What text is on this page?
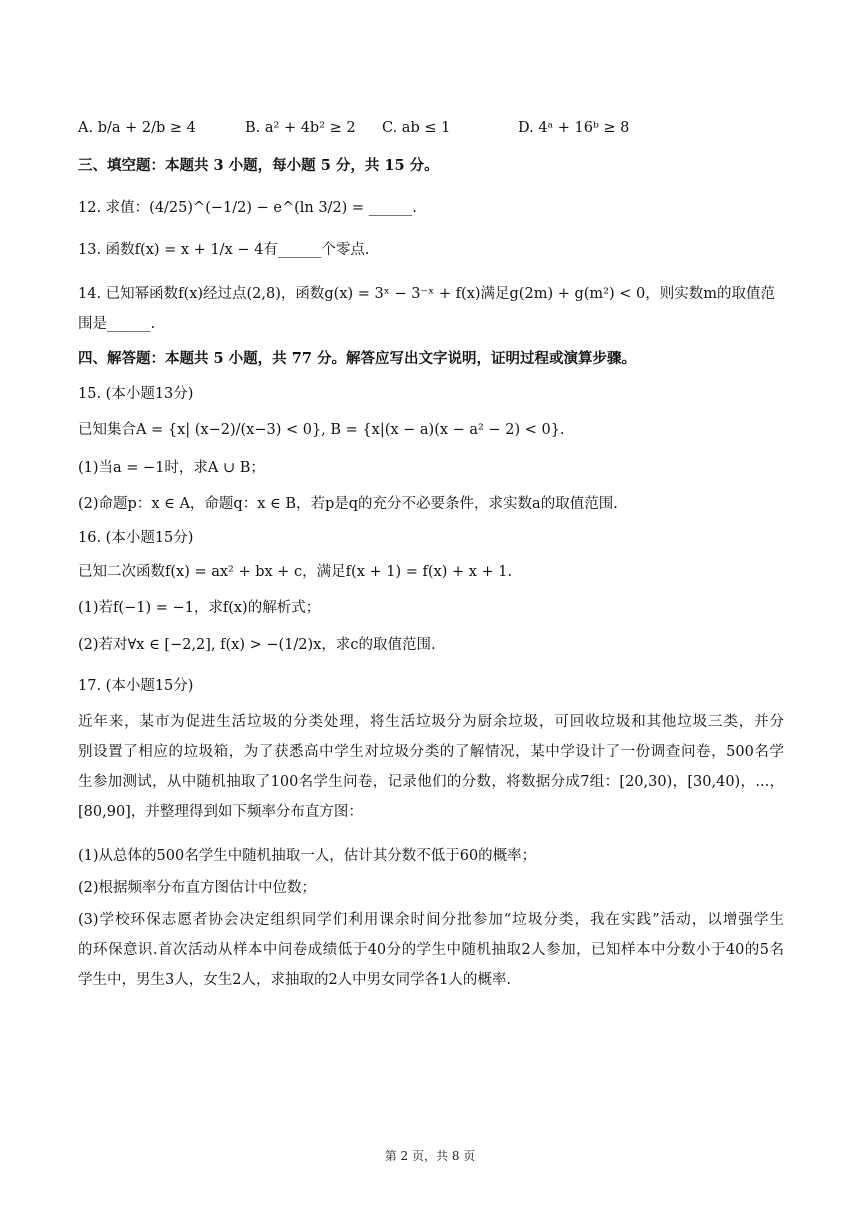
A. b/a + 2/b ≥ 4	B. a² + 4b² ≥ 2 C. ab ≤ 1	D. 4ᵃ + 16ᵇ ≥ 8
三、填空题：本题共 3 小题，每小题 5 分，共 15 分。
12. 求值：(4/25)^(−1/2) − e^(ln 3/2) = ______.
13. 函数f(x) = x + 1/x − 4有______个零点.
14. 已知幂函数f(x)经过点(2,8)，函数g(x) = 3ˣ − 3⁻ˣ + f(x)满足g(2m) + g(m²) < 0，则实数m的取值范
围是______.
四、解答题：本题共 5 小题，共 77 分。解答应写出文字说明，证明过程或演算步骤。
15. (本小题13分)
已知集合A = {x| (x−2)/(x−3) < 0}, B = {x|(x − a)(x − a² − 2) < 0}.
(1)当a = −1时，求A ∪ B；
(2)命题p：x ∈ A，命题q：x ∈ B，若p是q的充分不必要条件，求实数a的取值范围.
16. (本小题15分)
已知二次函数f(x) = ax² + bx + c，满足f(x + 1) = f(x) + x + 1.
(1)若f(−1) = −1，求f(x)的解析式；
(2)若对∀x ∈ [−2,2], f(x) > −(1/2)x，求c的取值范围.
17. (本小题15分)
近年来，某市为促进生活垃圾的分类处理，将生活垃圾分为厨余垃圾，可回收垃圾和其他垃圾三类，并分
别设置了相应的垃圾箱，为了获悉高中学生对垃圾分类的了解情况，某中学设计了一份调查问卷，500名学
生参加测试，从中随机抽取了100名学生问卷，记录他们的分数，将数据分成7组：[20,30)，[30,40)，...，
[80,90]，并整理得到如下频率分布直方图：
(1)从总体的500名学生中随机抽取一人，估计其分数不低于60的概率；
(2)根据频率分布直方图估计中位数；
(3)学校环保志愿者协会决定组织同学们利用课余时间分批参加“垃圾分类，我在实践”活动，以增强学生
的环保意识.首次活动从样本中问卷成绩低于40分的学生中随机抽取2人参加，已知样本中分数小于40的5名
学生中，男生3人，女生2人，求抽取的2人中男女同学各1人的概率.
第 2 页，共 8 页
